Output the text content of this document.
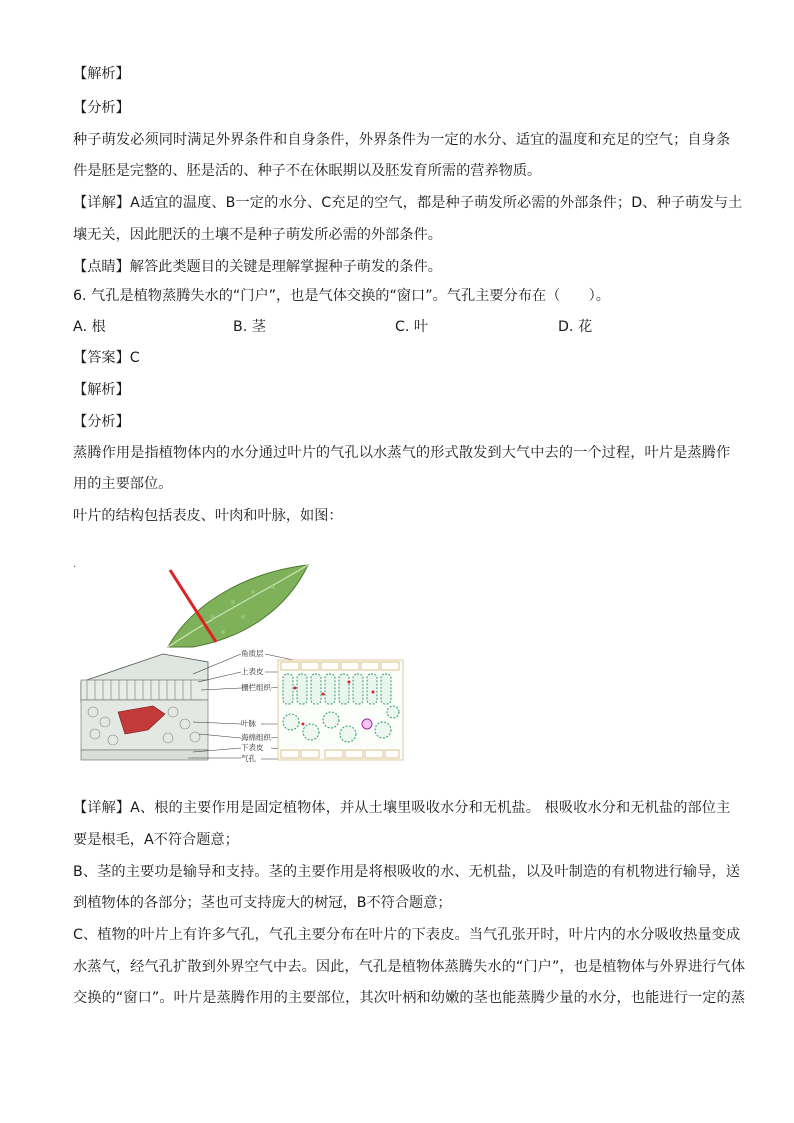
【解析】
【分析】
种子萌发必须同时满足外界条件和自身条件，外界条件为一定的水分、适宜的温度和充足的空气；自身条
件是胚是完整的、胚是活的、种子不在休眠期以及胚发育所需的营养物质。
【详解】A适宜的温度、B一定的水分、C充足的空气，都是种子萌发所必需的外部条件；D、种子萌发与土
壤无关，因此肥沃的土壤不是种子萌发所必需的外部条件。
【点睛】解答此类题目的关键是理解掌握种子萌发的条件。
6. 气孔是植物蒸腾失水的“门户”，也是气体交换的“窗口”。气孔主要分布在（　　）。
A. 根	B. 茎	C. 叶	D. 花
【答案】C
【解析】
【分析】
蒸腾作用是指植物体内的水分通过叶片的气孔以水蒸气的形式散发到大气中去的一个过程，叶片是蒸腾作
用的主要部位。
叶片的结构包括表皮、叶肉和叶脉，如图：
·
角质层
上表皮
栅栏组织
叶脉
海绵组织
下表皮
气孔
【详解】A、根的主要作用是固定植物体，并从土壤里吸收水分和无机盐。 根吸收水分和无机盐的部位主
要是根毛，A不符合题意；
B、茎的主要功是输导和支持。茎的主要作用是将根吸收的水、无机盐，以及叶制造的有机物进行输导，送
到植物体的各部分；茎也可支持庞大的树冠，B不符合题意；
C、植物的叶片上有许多气孔，气孔主要分布在叶片的下表皮。当气孔张开时，叶片内的水分吸收热量变成
水蒸气，经气孔扩散到外界空气中去。因此，气孔是植物体蒸腾失水的“门户”，也是植物体与外界进行气体
交换的“窗口”。叶片是蒸腾作用的主要部位，其次叶柄和幼嫩的茎也能蒸腾少量的水分，也能进行一定的蒸
